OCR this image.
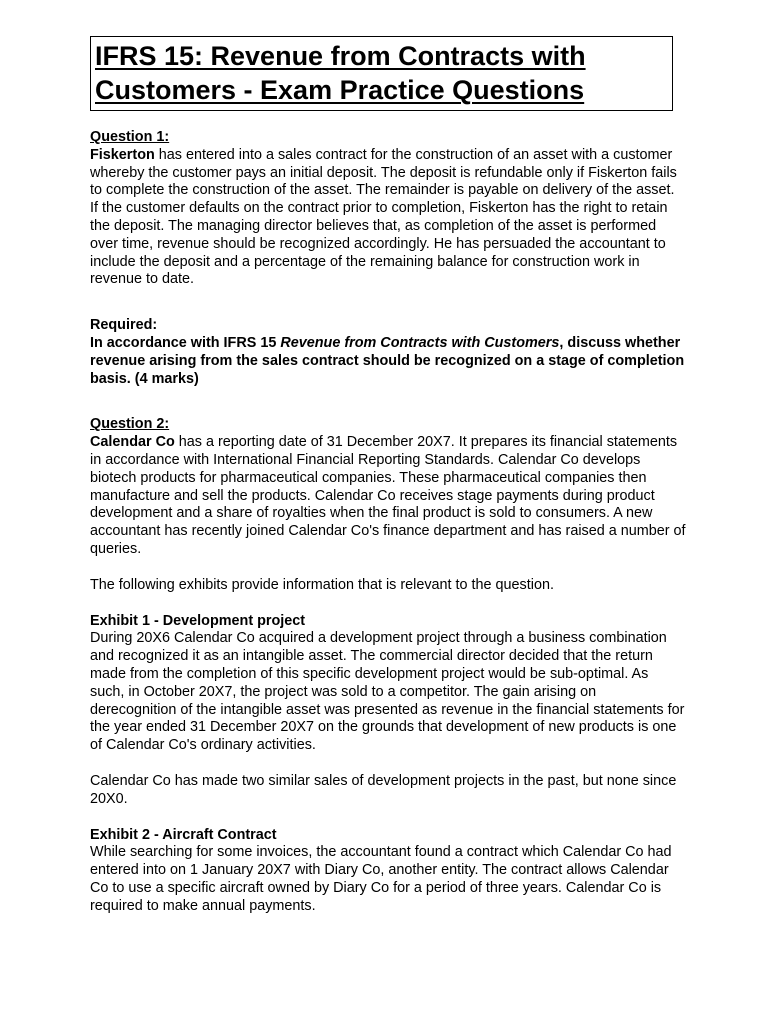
IFRS 15: Revenue from Contracts with
Customers - Exam Practice Questions

Question 1:

Fiskerton has entered into a sales contract for the construction of an asset with a customer whereby the customer pays an initial deposit. The deposit is refundable only if Fiskerton fails to complete the construction of the asset. The remainder is payable on delivery of the asset. If the customer defaults on the contract prior to completion, Fiskerton has the right to retain the deposit. The managing director believes that, as completion of the asset is performed over time, revenue should be recognized accordingly. He has persuaded the accountant to include the deposit and a percentage of the remaining balance for construction work in revenue to date.

Required:

In accordance with IFRS 15 Revenue from Contracts with Customers, discuss whether revenue arising from the sales contract should be recognized on a stage of completion basis. (4 marks)

Question 2:

Calendar Co has a reporting date of 31 December 20X7. It prepares its financial statements in accordance with International Financial Reporting Standards. Calendar Co develops biotech products for pharmaceutical companies. These pharmaceutical companies then manufacture and sell the products. Calendar Co receives stage payments during product development and a share of royalties when the final product is sold to consumers. A new accountant has recently joined Calendar Co's finance department and has raised a number of queries.

The following exhibits provide information that is relevant to the question.

Exhibit 1 - Development project

During 20X6 Calendar Co acquired a development project through a business combination and recognized it as an intangible asset. The commercial director decided that the return made from the completion of this specific development project would be sub-optimal. As such, in October 20X7, the project was sold to a competitor. The gain arising on derecognition of the intangible asset was presented as revenue in the financial statements for the year ended 31 December 20X7 on the grounds that development of new products is one of Calendar Co's ordinary activities.

Calendar Co has made two similar sales of development projects in the past, but none since 20X0.

Exhibit 2 - Aircraft Contract

While searching for some invoices, the accountant found a contract which Calendar Co had entered into on 1 January 20X7 with Diary Co, another entity. The contract allows Calendar Co to use a specific aircraft owned by Diary Co for a period of three years. Calendar Co is required to make annual payments.
